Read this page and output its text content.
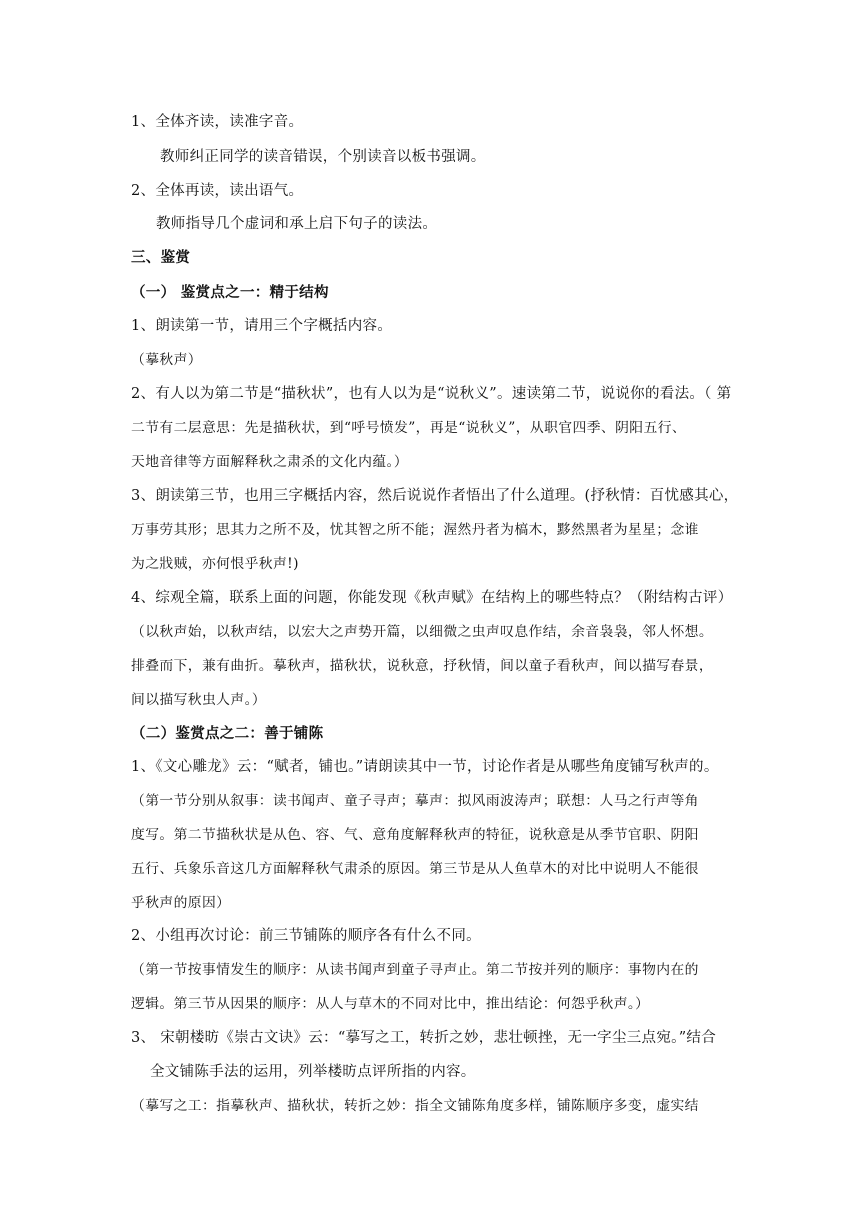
1、全体齐读，读准字音。
教师纠正同学的读音错误，个别读音以板书强调。
2、全体再读，读出语气。
教师指导几个虚词和承上启下句子的读法。
三、鉴赏
（一） 鉴赏点之一：精于结构
1、朗读第一节，请用三个字概括内容。
（摹秋声）
2、有人以为第二节是“描秋状”，也有人以为是“说秋义”。速读第二节，说说你的看法。（ 第
二节有二层意思：先是描秋状，到“呼号愤发”，再是“说秋义”，从职官四季、阴阳五行、
天地音律等方面解释秋之肃杀的文化内蕴。）
3、朗读第三节，也用三字概括内容，然后说说作者悟出了什么道理。(抒秋情：百忧感其心，
万事劳其形；思其力之所不及，忧其智之所不能；渥然丹者为槁木，黟然黑者为星星；念谁
为之戕贼，亦何恨乎秋声!)
4、综观全篇，联系上面的问题，你能发现《秋声赋》在结构上的哪些特点？（附结构古评）
（以秋声始，以秋声结，以宏大之声势开篇，以细微之虫声叹息作结，余音袅袅，邻人怀想。
排叠而下，兼有曲折。摹秋声，描秋状，说秋意，抒秋情，间以童子看秋声，间以描写春景，
间以描写秋虫人声。）
（二）鉴赏点之二：善于铺陈
1、《文心雕龙》云：“赋者，铺也。”请朗读其中一节，讨论作者是从哪些角度铺写秋声的。
（第一节分别从叙事：读书闻声、童子寻声；摹声：拟风雨波涛声；联想：人马之行声等角
度写。第二节描秋状是从色、容、气、意角度解释秋声的特征，说秋意是从季节官职、阴阳
五行、兵象乐音这几方面解释秋气肃杀的原因。第三节是从人鱼草木的对比中说明人不能很
乎秋声的原因）
2、小组再次讨论：前三节铺陈的顺序各有什么不同。
（第一节按事情发生的顺序：从读书闻声到童子寻声止。第二节按并列的顺序：事物内在的
逻辑。第三节从因果的顺序：从人与草木的不同对比中，推出结论：何怨乎秋声。）
3、 宋朝楼昉《崇古文诀》云：“摹写之工，转折之妙，悲壮顿挫，无一字尘三点宛。”结合
全文铺陈手法的运用，列举楼昉点评所指的内容。
（摹写之工：指摹秋声、描秋状，转折之妙：指全文铺陈角度多样，铺陈顺序多变，虚实结
